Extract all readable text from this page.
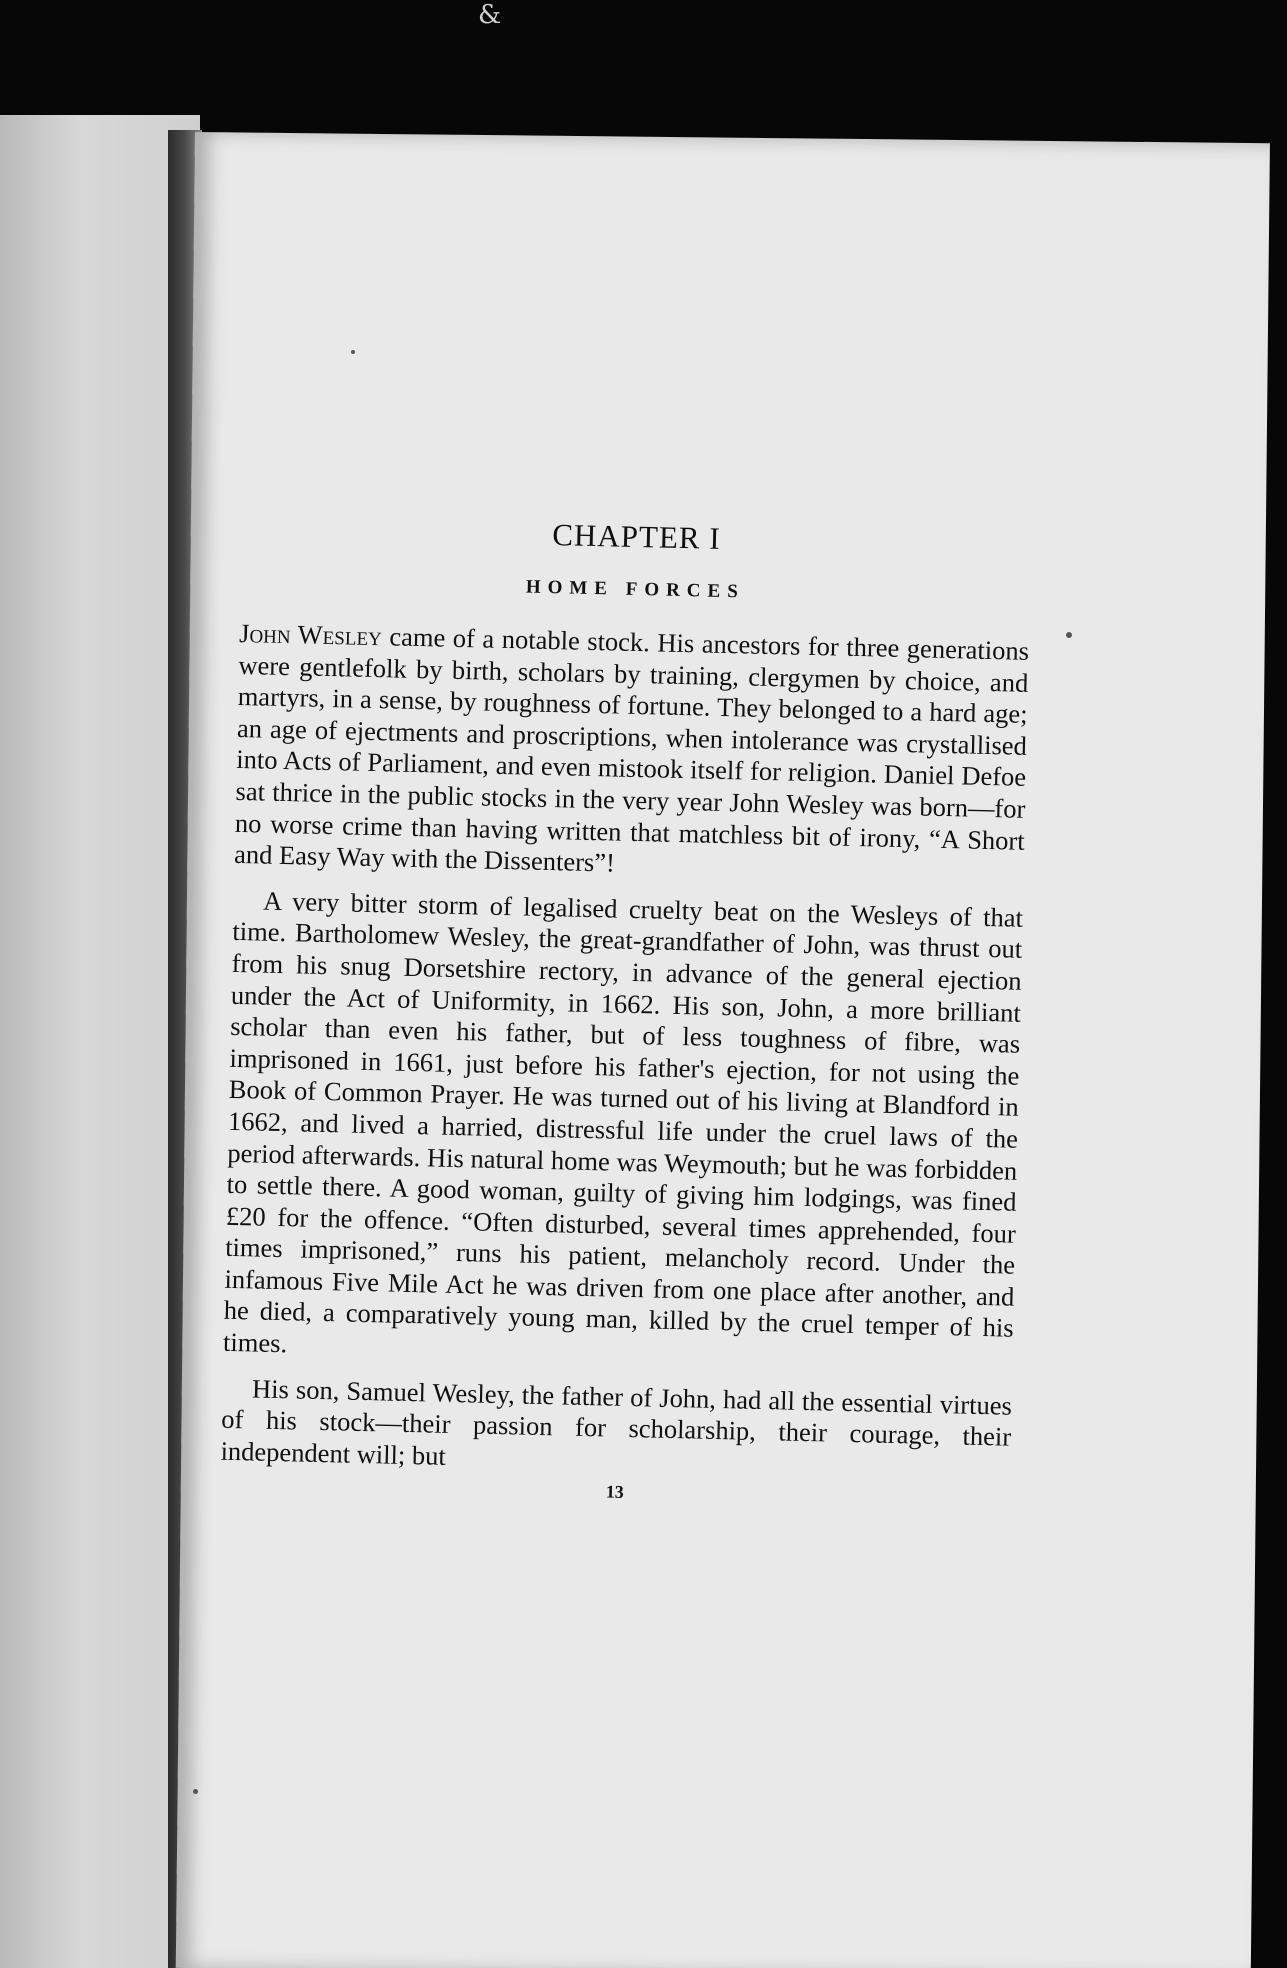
&
CHAPTER I
HOME FORCES

John Wesley came of a notable stock. His ancestors for three generations were gentlefolk by birth, scholars by training, clergymen by choice, and martyrs, in a sense, by roughness of fortune. They belonged to a hard age; an age of ejectments and proscriptions, when intolerance was crystallised into Acts of Parliament, and even mistook itself for religion. Daniel Defoe sat thrice in the public stocks in the very year John Wesley was born—for no worse crime than having written that matchless bit of irony, “A Short and Easy Way with the Dissenters”!

A very bitter storm of legalised cruelty beat on the Wesleys of that time. Bartholomew Wesley, the great-grandfather of John, was thrust out from his snug Dorsetshire rectory, in advance of the general ejection under the Act of Uniformity, in 1662. His son, John, a more brilliant scholar than even his father, but of less toughness of fibre, was imprisoned in 1661, just before his father's ejection, for not using the Book of Common Prayer. He was turned out of his living at Blandford in 1662, and lived a harried, distressful life under the cruel laws of the period afterwards. His natural home was Weymouth; but he was forbidden to settle there. A good woman, guilty of giving him lodgings, was fined £20 for the offence. “Often disturbed, several times apprehended, four times imprisoned,” runs his patient, melancholy record. Under the infamous Five Mile Act he was driven from one place after another, and he died, a comparatively young man, killed by the cruel temper of his times.

His son, Samuel Wesley, the father of John, had all the essential virtues of his stock—their passion for scholarship, their courage, their independent will; but

13
